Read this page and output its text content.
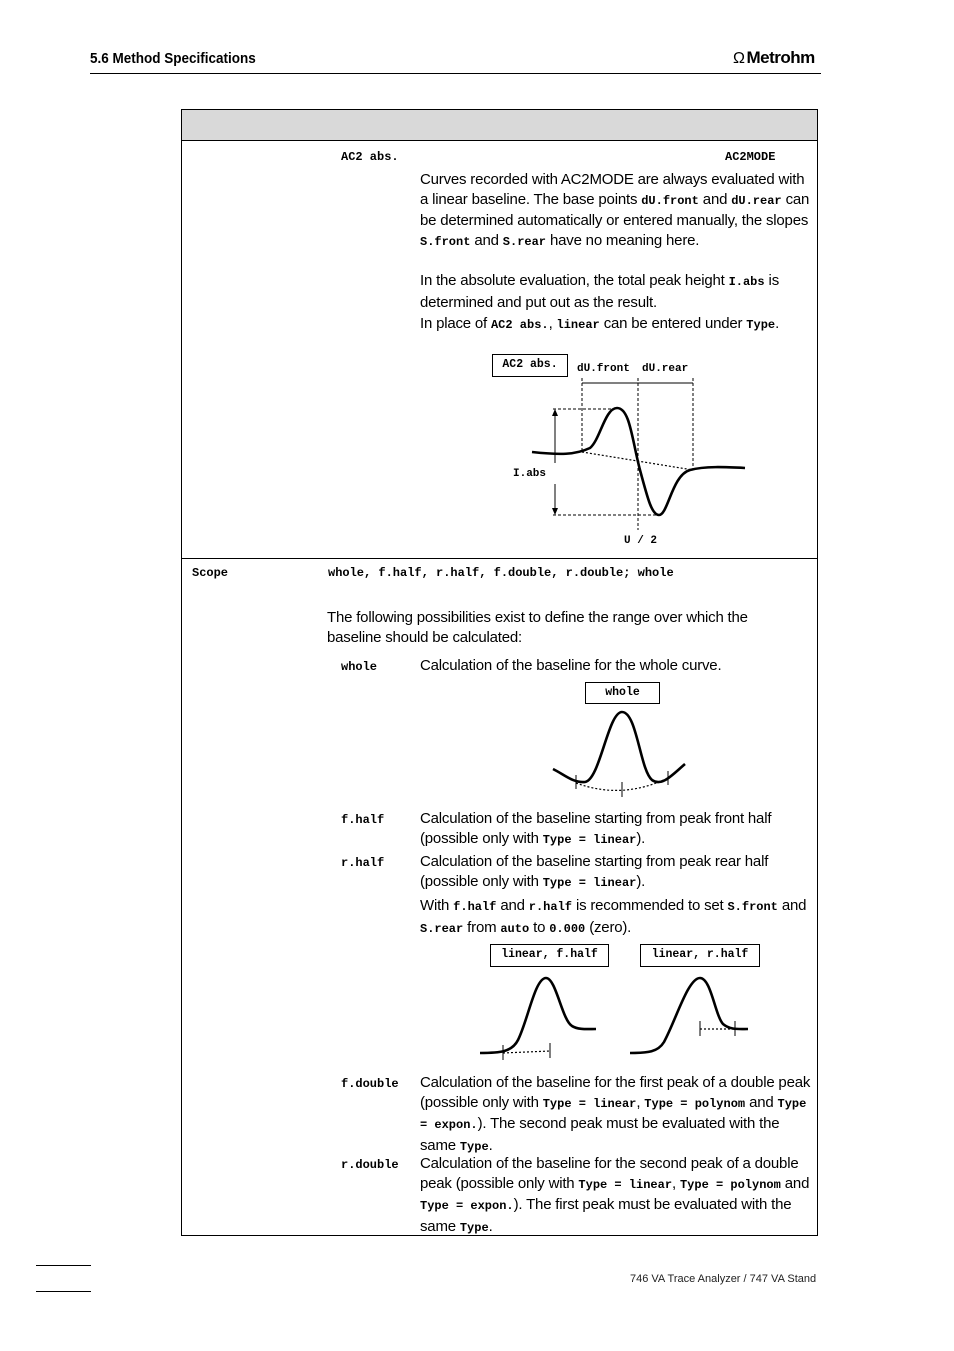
5.6 Method Specifications	Ω Metrohm
AC2 abs.	AC2MODE
Curves recorded with AC2MODE are always evaluated with a linear baseline. The base points dU.front and dU.rear can be determined automatically or entered manually, the slopes S.front and S.rear have no meaning here.
In the absolute evaluation, the total peak height I.abs is determined and put out as the result.
In place of AC2 abs., linear can be entered under Type.
AC2 abs.	dU.front dU.rear
I.abs
U / 2
Scope	whole, f.half, r.half, f.double, r.double; whole
The following possibilities exist to define the range over which the baseline should be calculated:
whole	Calculation of the baseline for the whole curve.
whole
f.half Calculation of the baseline starting from peak front half (possible only with Type = linear).
r.half Calculation of the baseline starting from peak rear half (possible only with Type = linear).
With f.half and r.half is recommended to set S.front and S.rear from auto to 0.000 (zero).
linear, f.half	linear, r.half
f.double Calculation of the baseline for the first peak of a double peak (possible only with Type = linear, Type = polynom and Type = expon.). The second peak must be evaluated with the same Type.
r.double Calculation of the baseline for the second peak of a double peak (possible only with Type = linear, Type = polynom and Type = expon.). The first peak must be evaluated with the same Type.
746 VA Trace Analyzer / 747 VA Stand
